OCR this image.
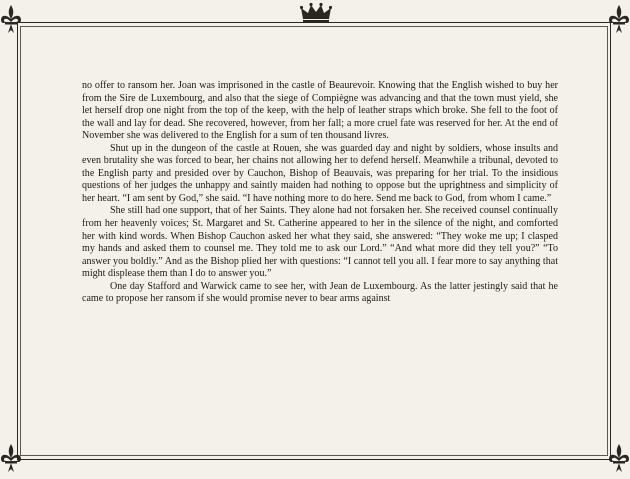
no offer to ransom her. Joan was imprisoned in the castle of Beaurevoir. Knowing that the English wished to buy her from the Sire de Luxembourg, and also that the siege of Compiègne was advancing and that the town must yield, she let herself drop one night from the top of the keep, with the help of leather straps which broke. She fell to the foot of the wall and lay for dead. She recovered, however, from her fall; a more cruel fate was reserved for her. At the end of November she was delivered to the English for a sum of ten thousand livres.

Shut up in the dungeon of the castle at Rouen, she was guarded day and night by soldiers, whose insults and even brutality she was forced to bear, her chains not allowing her to defend herself. Meanwhile a tribunal, devoted to the English party and presided over by Cauchon, Bishop of Beauvais, was preparing for her trial. To the insidious questions of her judges the unhappy and saintly maiden had nothing to oppose but the uprightness and simplicity of her heart. “I am sent by God,” she said. “I have nothing more to do here. Send me back to God, from whom I came.”

She still had one support, that of her Saints. They alone had not forsaken her. She received counsel continually from her heavenly voices; St. Margaret and St. Catherine appeared to her in the silence of the night, and comforted her with kind words. When Bishop Cauchon asked her what they said, she answered: “They woke me up; I clasped my hands and asked them to counsel me. They told me to ask our Lord.” “And what more did they tell you?” “To answer you boldly.” And as the Bishop plied her with questions: “I cannot tell you all. I fear more to say anything that might displease them than I do to answer you.”

One day Stafford and Warwick came to see her, with Jean de Luxembourg. As the latter jestingly said that he came to propose her ransom if she would promise never to bear arms against
